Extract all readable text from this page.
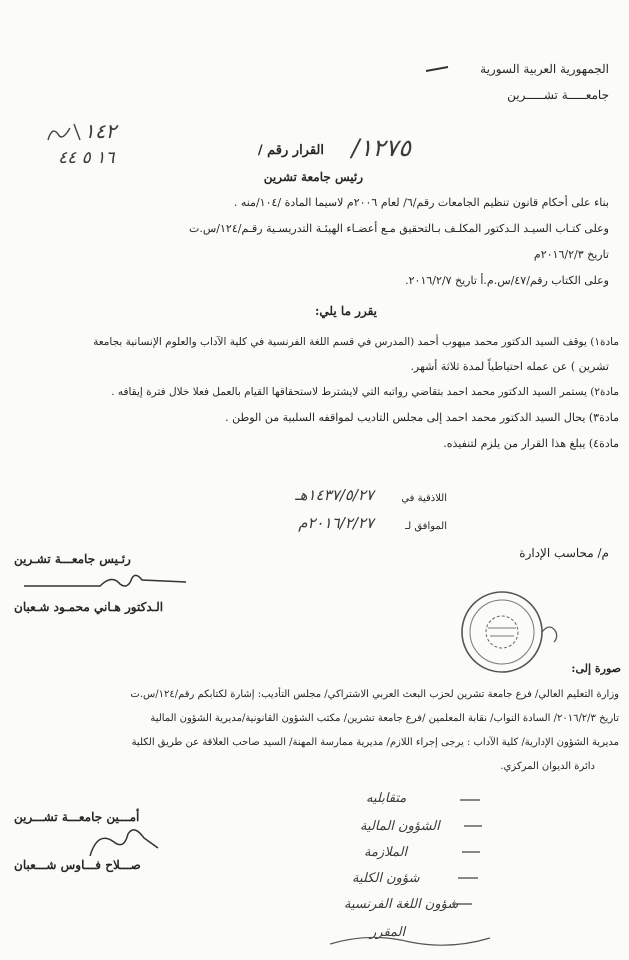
الجمهورية العربية السورية
جامعـــــة تشـــــرين
١٤٢
١٦ ٥ ٤٤	القرار رقم / ١٢٧٥/
رئيس جامعة تشرين
بناء على أحكام قانون تنظيم الجامعات رقم/٦/ لعام ٢٠٠٦م لاسيما المادة /١٠٤/منه .
وعلى كتـاب السيـد الـدكتور المكلـف بـالتحقيق مـع أعضـاء الهيئـة التدريسـية رقـم/١٢٤/س.ت
تاريخ ٢٠١٦/٢/٣م
وعلى الكتاب رقم/٤٧/س.م.أ تاريخ ٢٠١٦/٢/٧.
يقرر ما يلي:
مادة١) يوقف السيد الدكتور محمد ميهوب أحمد (المدرس في قسم اللغة الفرنسية في كلية الآداب والعلوم الإنسانية بجامعة
تشرين ) عن عمله احتياطياً لمدة ثلاثة أشهر.
مادة٢) يستمر السيد الدكتور محمد احمد بتقاضي رواتبه التي لايشترط لاستحقاقها القيام بالعمل فعلا خلال فترة إيقافه .
مادة٣) يحال السيد الدكتور محمد احمد إلى مجلس التاديب لمواقفه السلبية من الوطن .
مادة٤) يبلغ هذا القرار من يلزم لتنفيذه.
اللاذقية في
١٤٣٧/٥/٢٧هـ
الموافق لـ
٢٠١٦/٢/٢٧م
م/ محاسب الإدارة
رئـيس جامعـــة تشـرين
الـدكتور هـاني محمـود شـعبان
صورة إلى:
وزارة التعليم العالي/ فرع جامعة تشرين لحزب البعث العربي الاشتراكي/ مجلس التأديب: إشارة لكتابكم رقم/١٢٤/س.ت
تاريخ ٢٠١٦/٢/٣/ السادة النواب/ نقابة المعلمين /فرع جامعة تشرين/ مكتب الشؤون القانونية/مديرية الشؤون المالية
مديرية الشؤون الإدارية/ كلية الآداب : يرجى إجراء اللازم/ مديرية ممارسة المهنة/ السيد صاحب العلاقة عن طريق الكلية
دائرة الديوان المركزي.
أمـــين جامعـــة تشـــرين
صـــلاح فـــاوس شـــعبان
متقابليه
الشؤون المالية
الملازمة
شؤون الكلية
شؤون اللغة الفرنسية
المقرر
